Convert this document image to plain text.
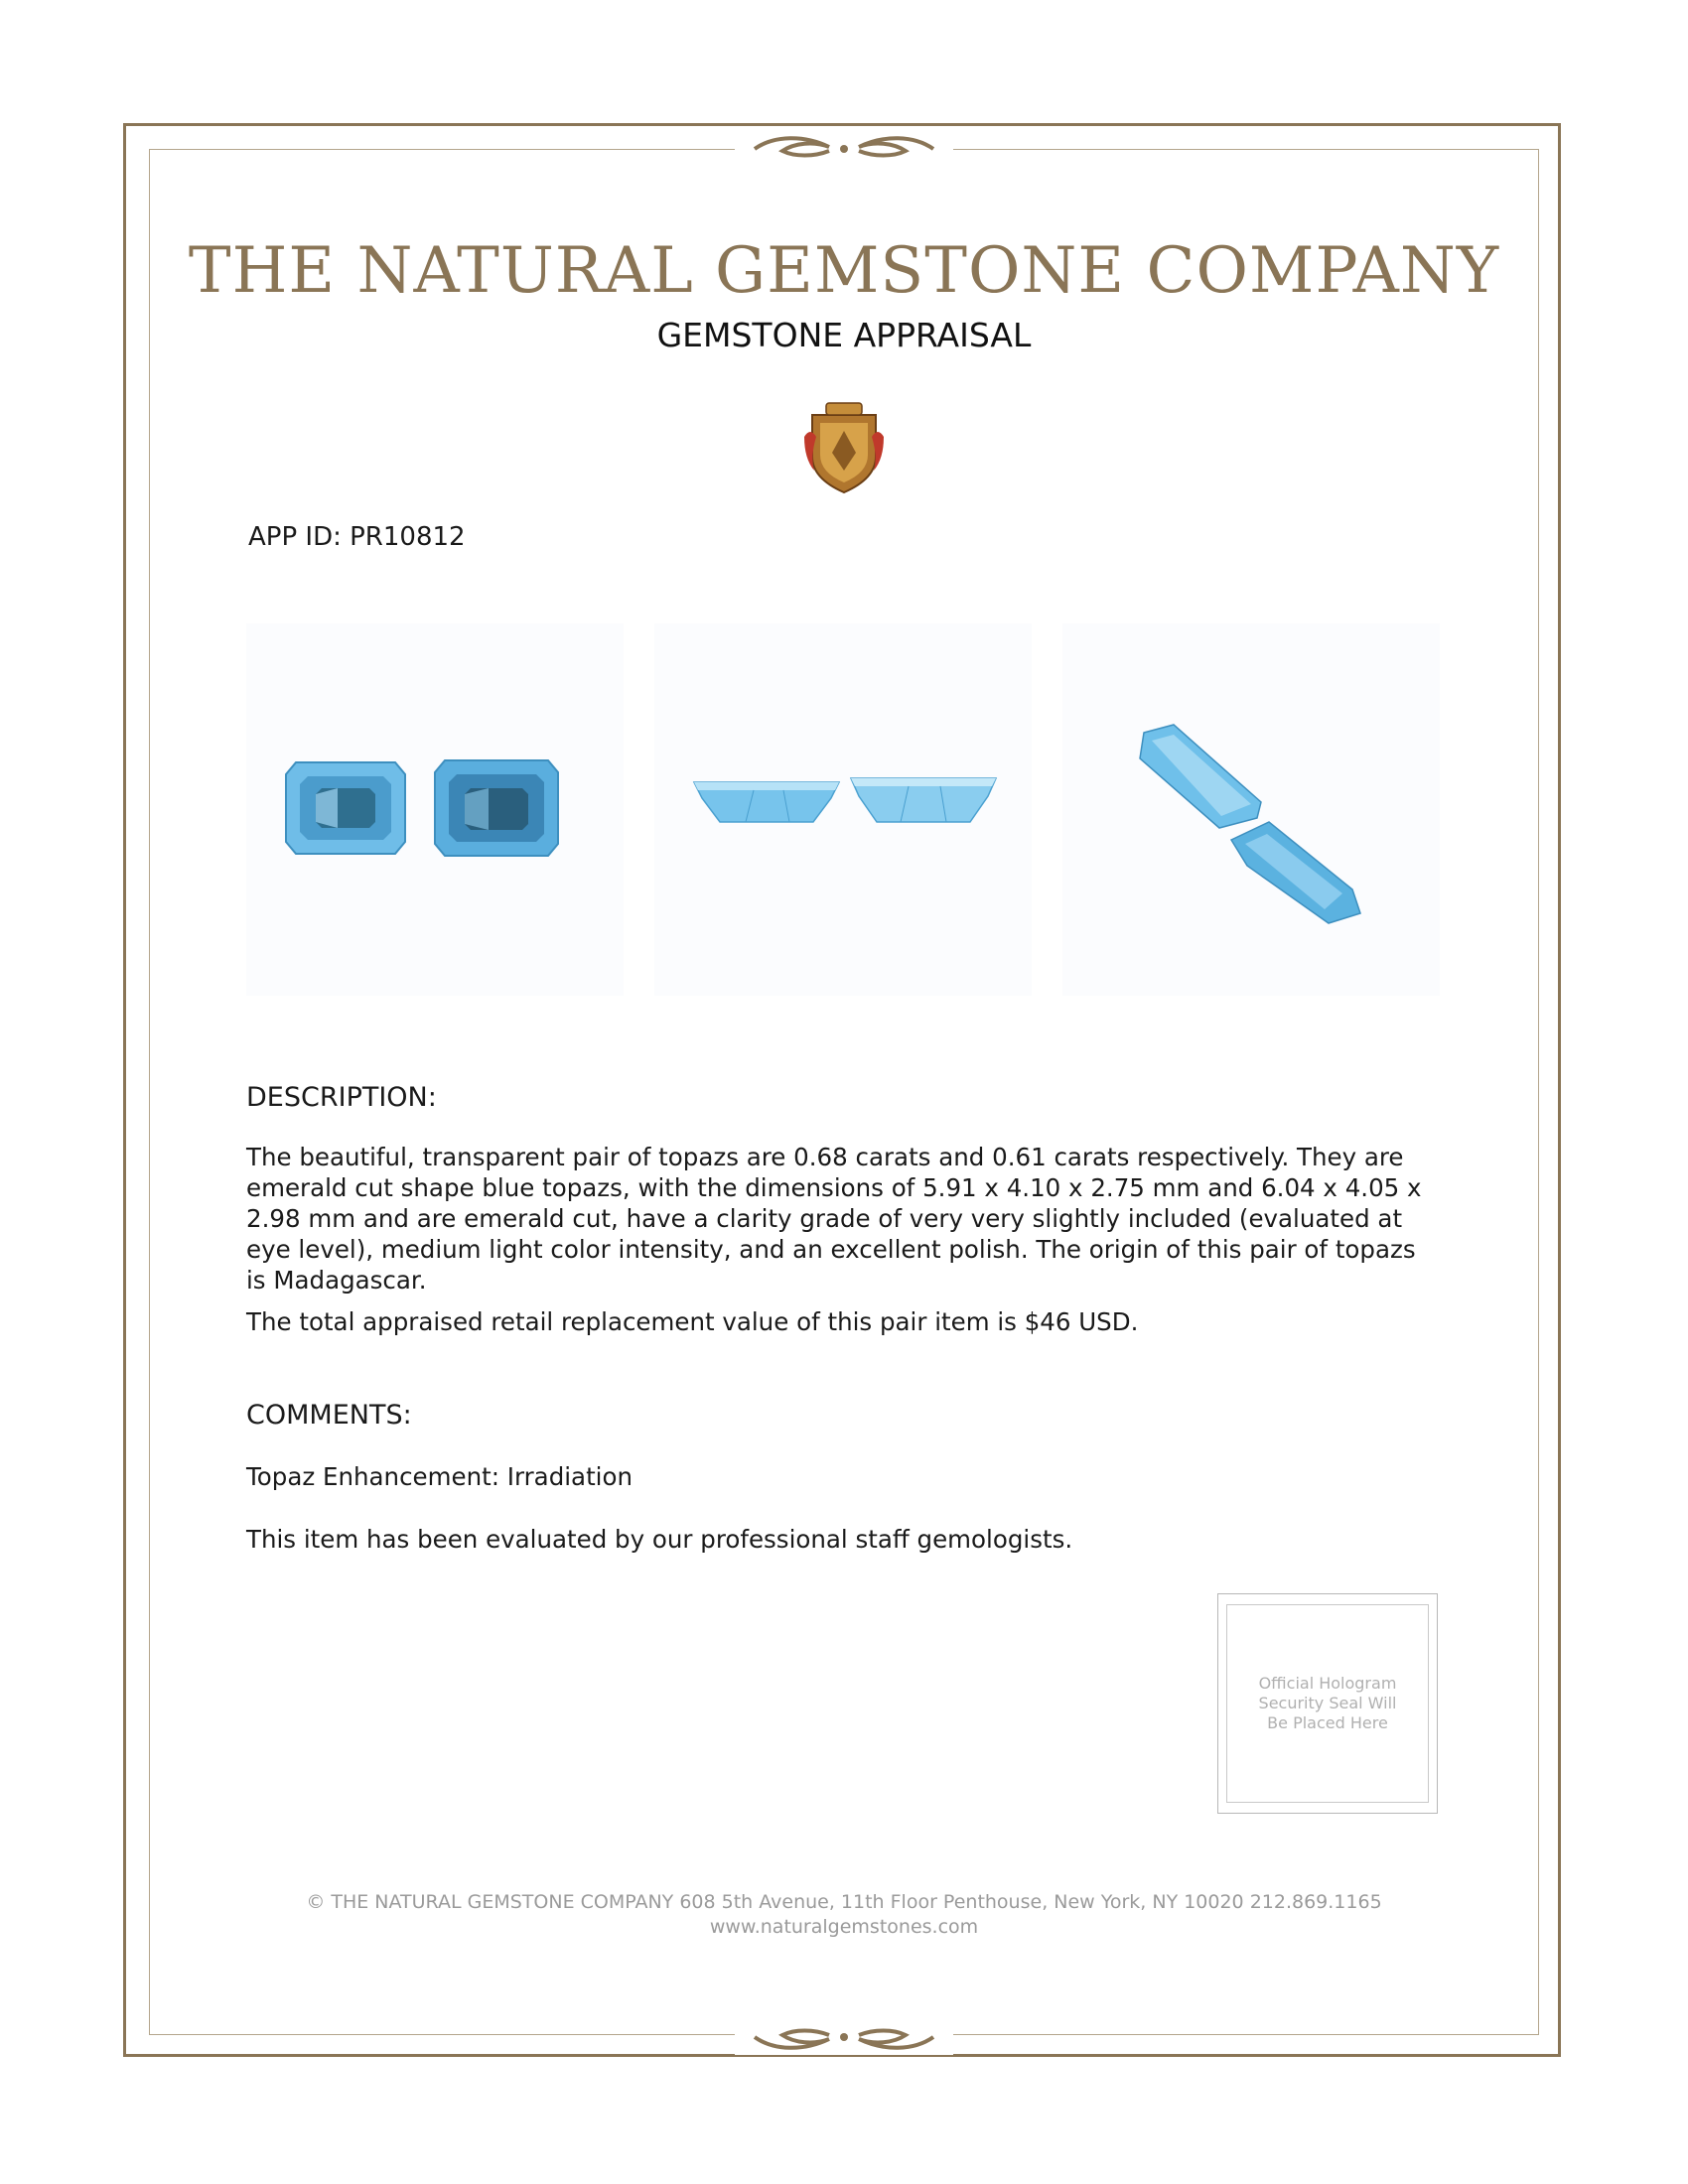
THE NATURAL GEMSTONE COMPANY
GEMSTONE APPRAISAL
APP ID: PR10812
DESCRIPTION:
The beautiful, transparent pair of topazs are 0.68 carats and 0.61 carats respectively. They are emerald cut shape blue topazs, with the dimensions of 5.91 x 4.10 x 2.75 mm and 6.04 x 4.05 x 2.98 mm and are emerald cut, have a clarity grade of very very slightly included (evaluated at eye level), medium light color intensity, and an excellent polish. The origin of this pair of topazs is Madagascar.
The total appraised retail replacement value of this pair item is $46 USD.
COMMENTS:
Topaz Enhancement: Irradiation
This item has been evaluated by our professional staff gemologists.
Official Hologram Security Seal Will Be Placed Here
© THE NATURAL GEMSTONE COMPANY 608 5th Avenue, 11th Floor Penthouse, New York, NY 10020 212.869.1165
www.naturalgemstones.com
